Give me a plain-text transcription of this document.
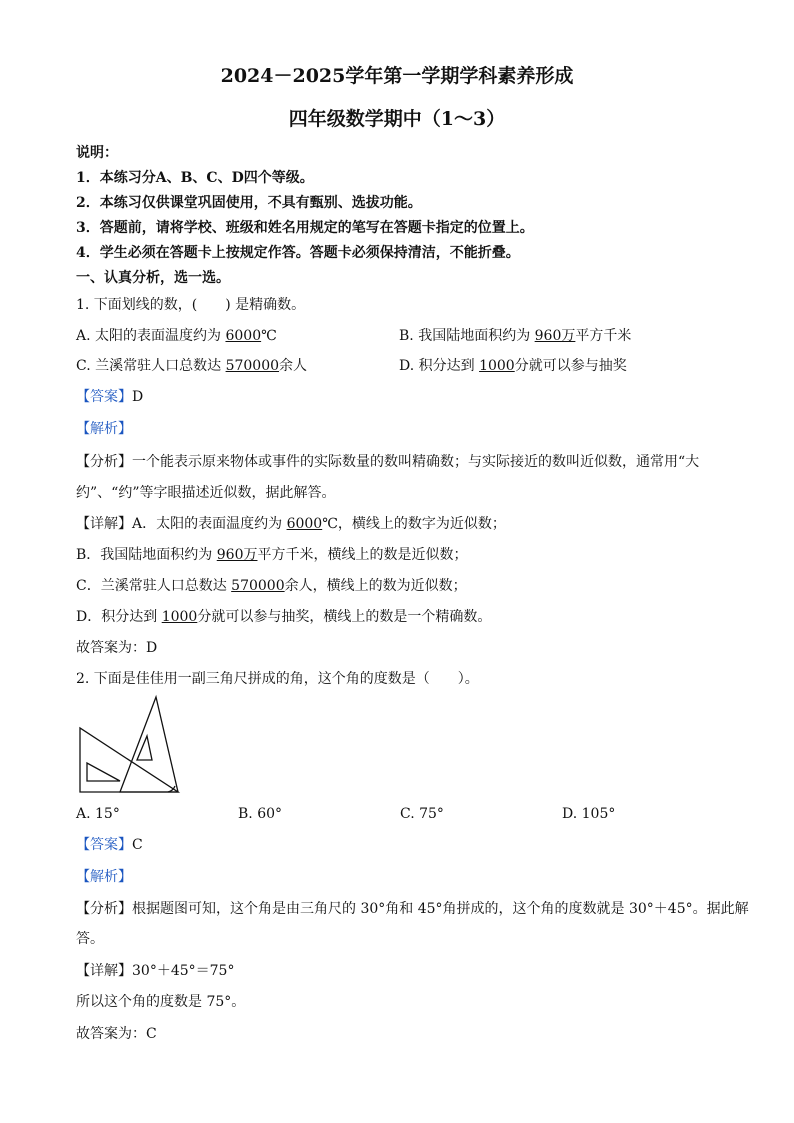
2024－2025学年第一学期学科素养形成
四年级数学期中（1～3）
说明：
1．本练习分A、B、C、D四个等级。
2．本练习仅供课堂巩固使用，不具有甄别、选拔功能。
3．答题前，请将学校、班级和姓名用规定的笔写在答题卡指定的位置上。
4．学生必须在答题卡上按规定作答。答题卡必须保持清洁，不能折叠。
一、认真分析，选一选。
1. 下面划线的数，(　　) 是精确数。
A. 太阳的表面温度约为 6000℃	B. 我国陆地面积约为 960万平方千米
C. 兰溪常驻人口总数达 570000余人	D. 积分达到 1000分就可以参与抽奖
【答案】D
【解析】
【分析】一个能表示原来物体或事件的实际数量的数叫精确数；与实际接近的数叫近似数，通常用“大
约”、“约”等字眼描述近似数，据此解答。
【详解】A．太阳的表面温度约为 6000℃，横线上的数字为近似数；
B．我国陆地面积约为 960万平方千米，横线上的数是近似数；
C．兰溪常驻人口总数达 570000余人，横线上的数为近似数；
D．积分达到 1000分就可以参与抽奖，横线上的数是一个精确数。
故答案为：D
2. 下面是佳佳用一副三角尺拼成的角，这个角的度数是（　　）。
A. 15°	B. 60°	C. 75°	D. 105°
【答案】C
【解析】
【分析】根据题图可知，这个角是由三角尺的 30°角和 45°角拼成的，这个角的度数就是 30°＋45°。据此解
答。
【详解】30°＋45°＝75°
所以这个角的度数是 75°。
故答案为：C
